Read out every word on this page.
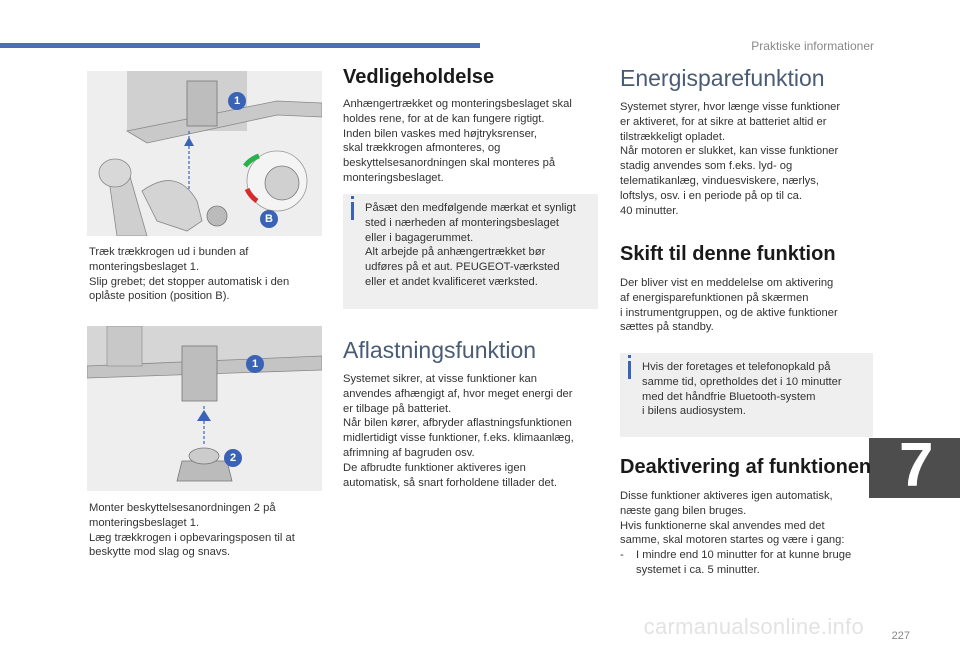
Praktiske informationer
carmanualsonline.info	227
7
1
B
Træk trækkrogen ud i bunden af
monteringsbeslaget 1.
Slip grebet; det stopper automatisk i den
oplåste position (position B).
1
2
Monter beskyttelsesanordningen 2 på
monteringsbeslaget 1.
Læg trækkrogen i opbevaringsposen til at
beskytte mod slag og snavs.
Vedligeholdelse
Anhængertrækket og monteringsbeslaget skal
holdes rene, for at de kan fungere rigtigt.
Inden bilen vaskes med højtryksrenser,
skal trækkrogen afmonteres, og
beskyttelsesanordningen skal monteres på
monteringsbeslaget.
Påsæt den medfølgende mærkat et synligt
sted i nærheden af monteringsbeslaget
eller i bagagerummet.
Alt arbejde på anhængertrækket bør
udføres på et aut. PEUGEOT-værksted
eller et andet kvalificeret værksted.
Aflastningsfunktion
Systemet sikrer, at visse funktioner kan
anvendes afhængigt af, hvor meget energi der
er tilbage på batteriet.
Når bilen kører, afbryder aflastningsfunktionen
midlertidigt visse funktioner, f.eks. klimaanlæg,
afrimning af bagruden osv.
De afbrudte funktioner aktiveres igen
automatisk, så snart forholdene tillader det.
Energisparefunktion
Systemet styrer, hvor længe visse funktioner
er aktiveret, for at sikre at batteriet altid er
tilstrækkeligt opladet.
Når motoren er slukket, kan visse funktioner
stadig anvendes som f.eks. lyd- og
telematikanlæg, vinduesviskere, nærlys,
loftslys, osv. i en periode på op til ca.
40 minutter.
Skift til denne funktion
Der bliver vist en meddelelse om aktivering
af energisparefunktionen på skærmen
i instrumentgruppen, og de aktive funktioner
sættes på standby.
Hvis der foretages et telefonopkald på
samme tid, opretholdes det i 10 minutter
med det håndfrie Bluetooth-system
i bilens audiosystem.
Deaktivering af funktionen
Disse funktioner aktiveres igen automatisk,
næste gang bilen bruges.
Hvis funktionerne skal anvendes med det
samme, skal motoren startes og være i gang:
- I mindre end 10 minutter for at kunne bruge
systemet i ca. 5 minutter.
